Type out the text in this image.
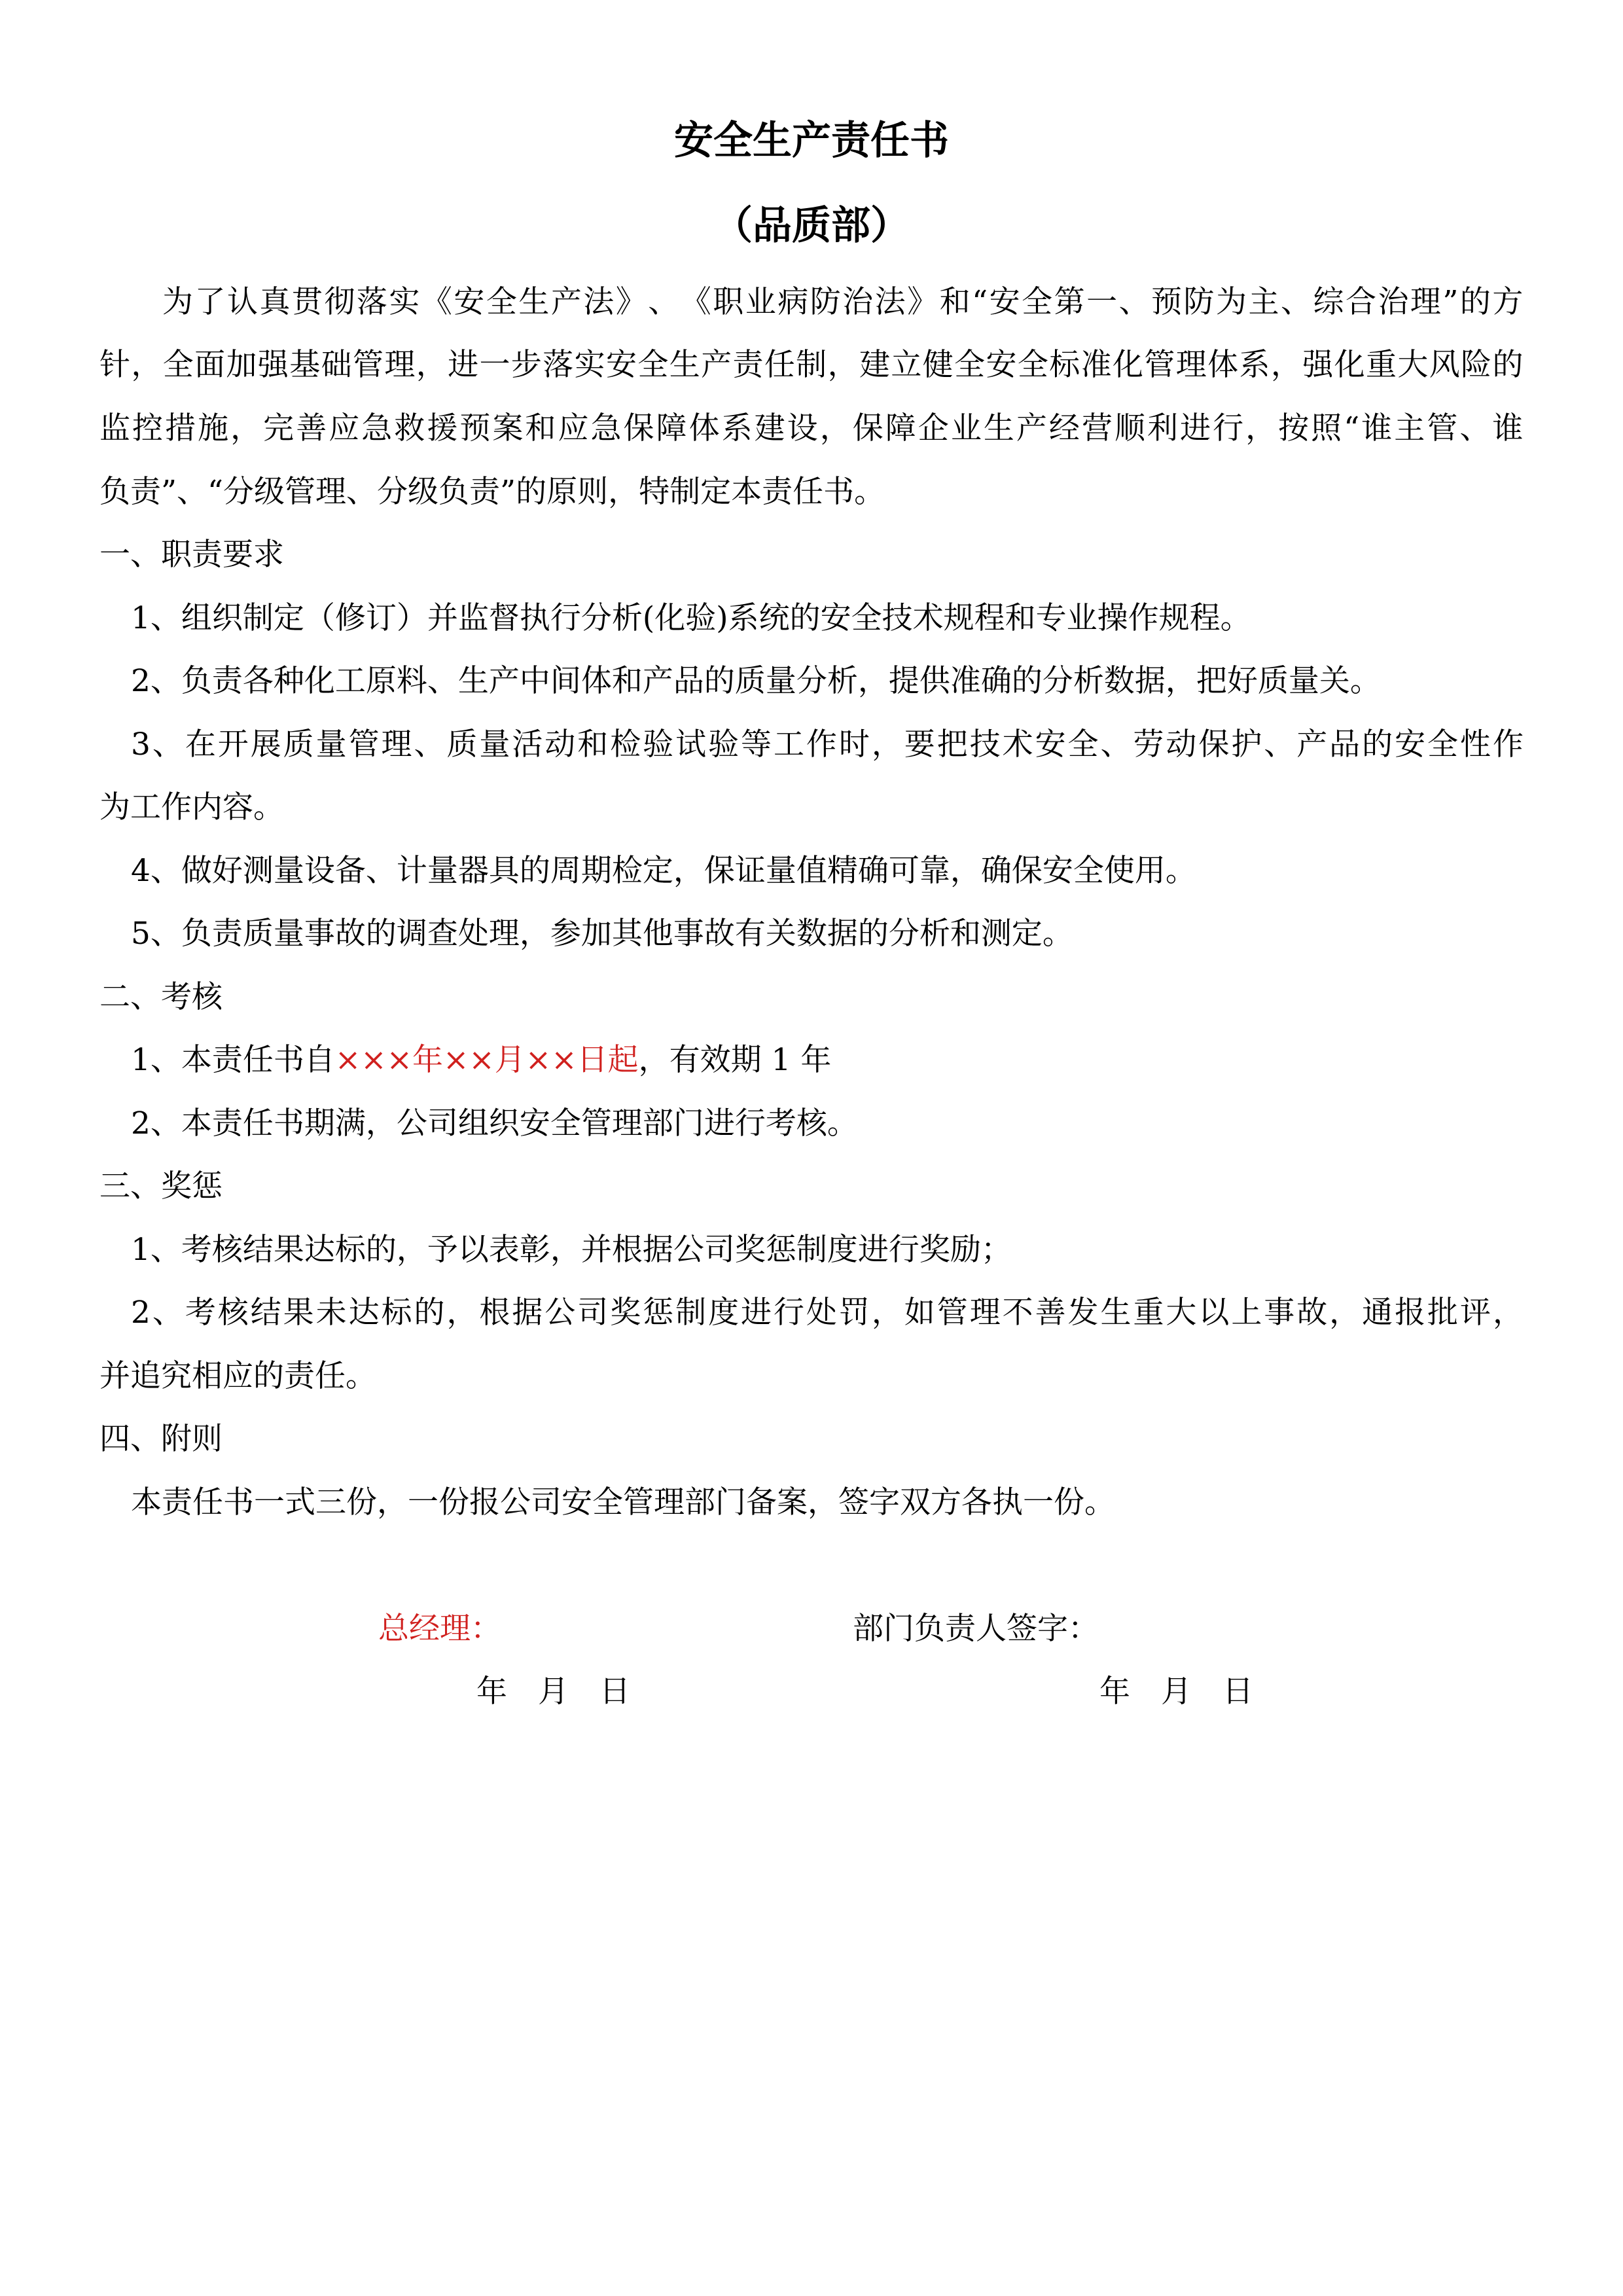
安全生产责任书
（品质部）
为 了 认 真 贯 彻 落 实 《 安 全 生 产 法 》 、 《 职 业 病 防 治 法 》 和 “ 安 全 第 一 、 预 防 为 主 、 综 合 治 理 ” 的 方
针 ， 全 面 加 强 基 础 管 理 ， 进 一 步 落 实 安 全 生 产 责 任 制 ， 建 立 健 全 安 全 标 准 化 管 理 体 系 ， 强 化 重 大 风 险 的
监 控 措 施 ， 完 善 应 急 救 援 预 案 和 应 急 保 障 体 系 建 设 ， 保 障 企 业 生 产 经 营 顺 利 进 行 ， 按 照 “ 谁 主 管 、 谁
负责”、“分级管理、分级负责”的原则，特制定本责任书。
一、职责要求
1、组织制定（修订）并监督执行分析(化验)系统的安全技术规程和专业操作规程。
2、负责各种化工原料、生产中间体和产品的质量分析，提供准确的分析数据，把好质量关。
3 、 在 开 展 质 量 管 理 、 质 量 活 动 和 检 验 试 验 等 工 作 时 ， 要 把 技 术 安 全 、 劳 动 保 护 、 产 品 的 安 全 性 作
为工作内容。
4、做好测量设备、计量器具的周期检定，保证量值精确可靠，确保安全使用。
5、负责质量事故的调查处理，参加其他事故有关数据的分析和测定。
二、考核
1、本责任书自×××年××月××日起，有效期 1 年
2、本责任书期满，公司组织安全管理部门进行考核。
三、奖惩
1、考核结果达标的，予以表彰，并根据公司奖惩制度进行奖励；
2 、 考 核 结 果 未 达 标 的 ， 根 据 公 司 奖 惩 制 度 进 行 处 罚 ， 如 管 理 不 善 发 生 重 大 以 上 事 故 ， 通 报 批 评 ，
并追究相应的责任。
四、附则
本责任书一式三份，一份报公司安全管理部门备案，签字双方各执一份。
总经理：	部门负责人签字：
年　月　日	年　月　日
